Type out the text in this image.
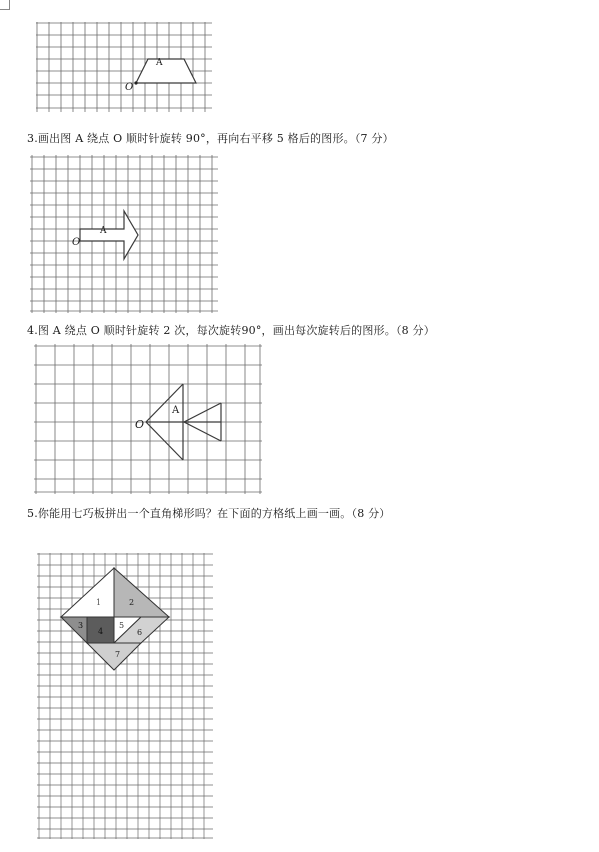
A
O
3.画出图 A 绕点 O 顺时针旋转 90°，再向右平移 5 格后的图形。（7 分）
A
O
4.图 A 绕点 O 顺时针旋转 2 次，每次旋转90°，画出每次旋转后的图形。（8 分）
A
O
5.你能用七巧板拼出一个直角梯形吗？在下面的方格纸上画一画。（8 分）
1	2
3
4
5
6
7
